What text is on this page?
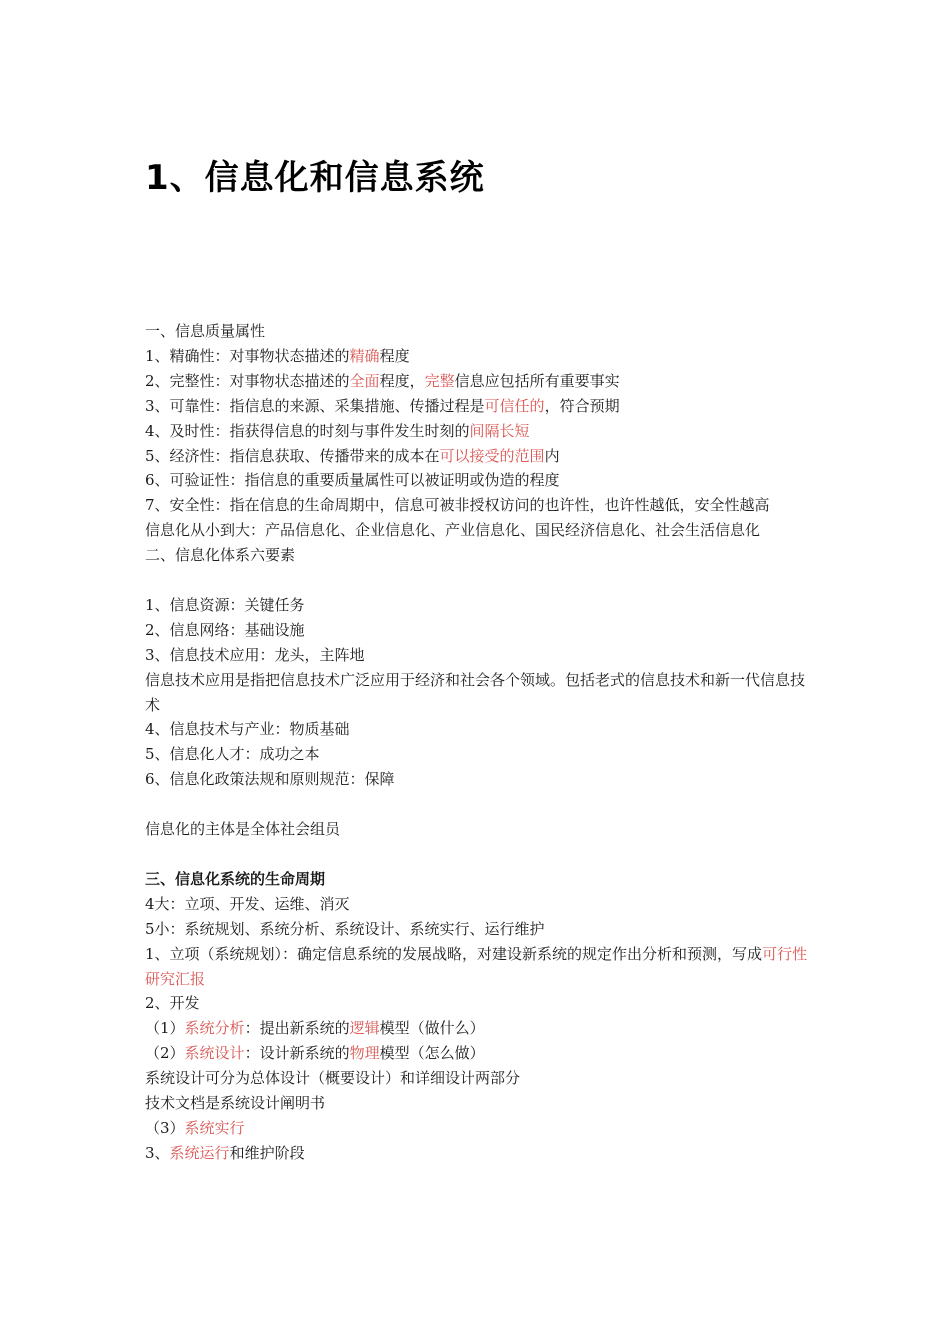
1、信息化和信息系统
一、信息质量属性
1、精确性：对事物状态描述的精确程度
2、完整性：对事物状态描述的全面程度，完整信息应包括所有重要事实
3、可靠性：指信息的来源、采集措施、传播过程是可信任的，符合预期
4、及时性：指获得信息的时刻与事件发生时刻的间隔长短
5、经济性：指信息获取、传播带来的成本在可以接受的范围内
6、可验证性：指信息的重要质量属性可以被证明或伪造的程度
7、安全性：指在信息的生命周期中，信息可被非授权访问的也许性，也许性越低，安全性越高
信息化从小到大：产品信息化、企业信息化、产业信息化、国民经济信息化、社会生活信息化
二、信息化体系六要素
1、信息资源：关键任务
2、信息网络：基础设施
3、信息技术应用：龙头，主阵地
信息技术应用是指把信息技术广泛应用于经济和社会各个领域。包括老式的信息技术和新一代信息技术
4、信息技术与产业：物质基础
5、信息化人才：成功之本
6、信息化政策法规和原则规范：保障
信息化的主体是全体社会组员
三、信息化系统的生命周期
4大：立项、开发、运维、消灭
5小：系统规划、系统分析、系统设计、系统实行、运行维护
1、立项（系统规划）：确定信息系统的发展战略，对建设新系统的规定作出分析和预测，写成可行性研究汇报
2、开发
（1）系统分析：提出新系统的逻辑模型（做什么）
（2）系统设计：设计新系统的物理模型（怎么做）
系统设计可分为总体设计（概要设计）和详细设计两部分
技术文档是系统设计阐明书
（3）系统实行
3、系统运行和维护阶段
